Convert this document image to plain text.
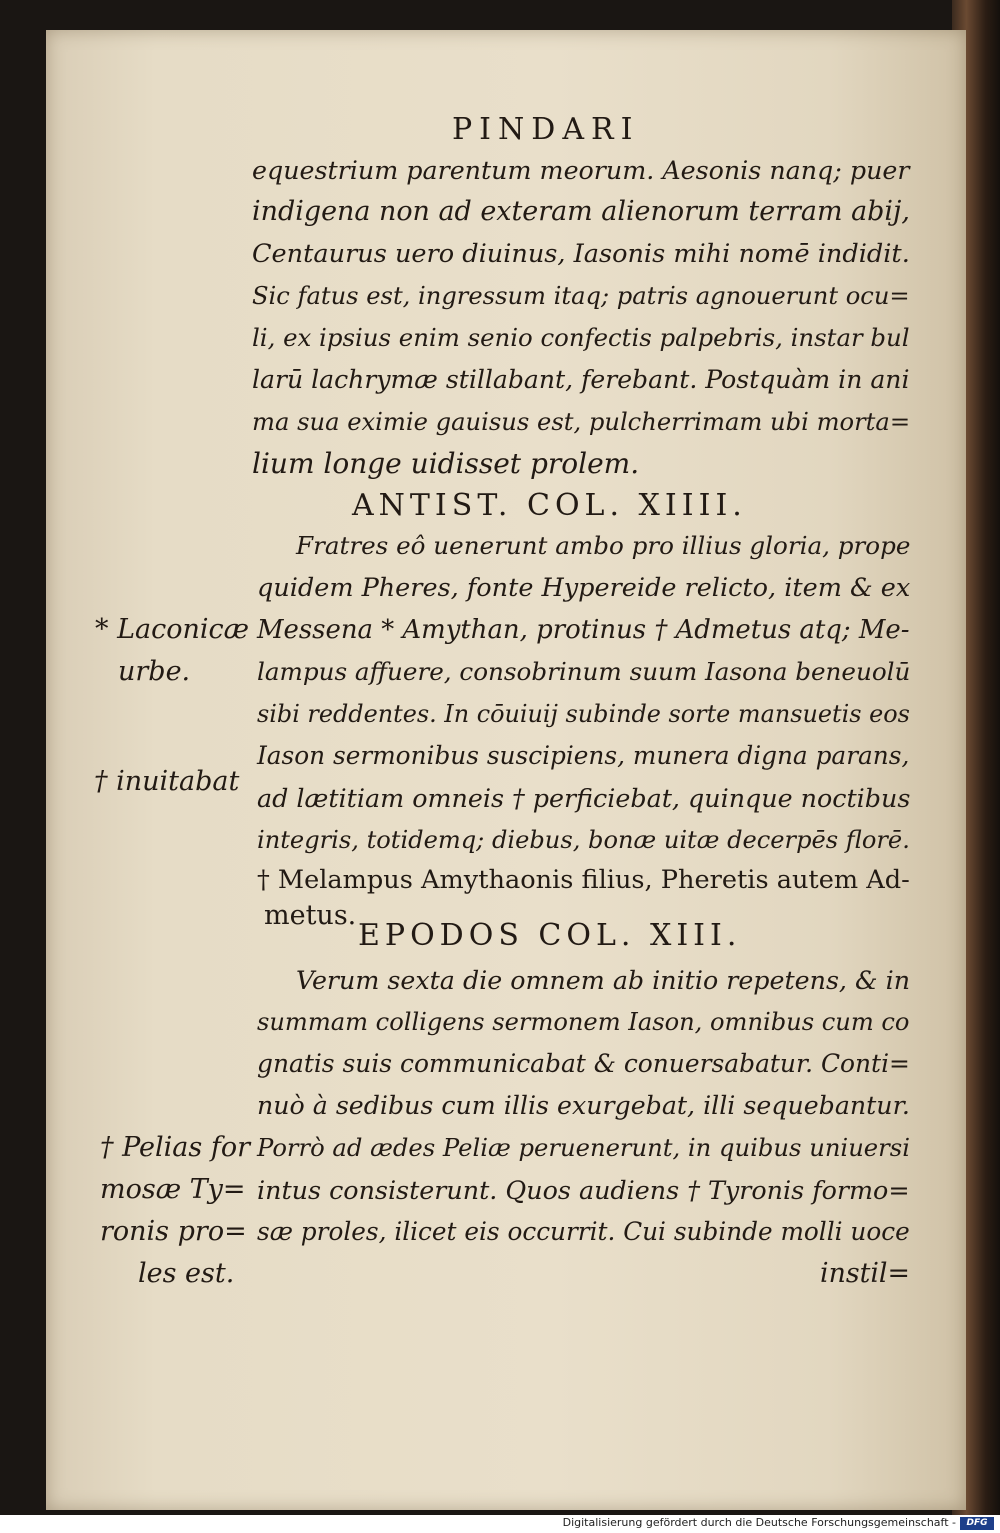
PINDARI
equestrium parentum meorum. Aesonis nanq; puer
indigena non ad exteram alienorum terram abij,
Centaurus uero diuinus, Iasonis mihi nomē indidit.
Sic fatus est, ingressum itaq; patris agnouerunt ocu=
li, ex ipsius enim senio confectis palpebris, instar bul
larū lachrymæ stillabant, ferebant. Postquàm in ani
ma sua eximie gauisus est, pulcherrimam ubi morta=
lium longe uidisset prolem.
ANTIST. COL. XIIII.
Fratres eô uenerunt ambo pro illius gloria, prope
quidem Pheres, fonte Hypereide relicto, item & ex
Messena * Amythan, protinus † Admetus atq; Me-
lampus affuere, consobrinum suum Iasona beneuolū
sibi reddentes. In cōuiuij subinde sorte mansuetis eos
Iason sermonibus suscipiens, munera digna parans,
ad lætitiam omneis † perficiebat, quinque noctibus
integris, totidemq; diebus, bonæ uitæ decerpēs florē.
† Melampus Amythaonis filius, Pheretis autem Ad-
metus.
EPODOS COL. XIII.
Verum sexta die omnem ab initio repetens, & in
summam colligens sermonem Iason, omnibus cum co
gnatis suis communicabat & conuersabatur. Conti=
nuò à sedibus cum illis exurgebat, illi sequebantur.
Porrò ad ædes Peliæ peruenerunt, in quibus uniuersi
intus consisterunt. Quos audiens † Tyronis formo=
sæ proles, ilicet eis occurrit. Cui subinde molli uoce
instil=
* Laconicæ
urbe.
† inuitabat
† Pelias for
mosæ Ty=
ronis pro=
les est.
Digitalisierung gefördert durch die Deutsche Forschungsgemeinschaft -	DFG
